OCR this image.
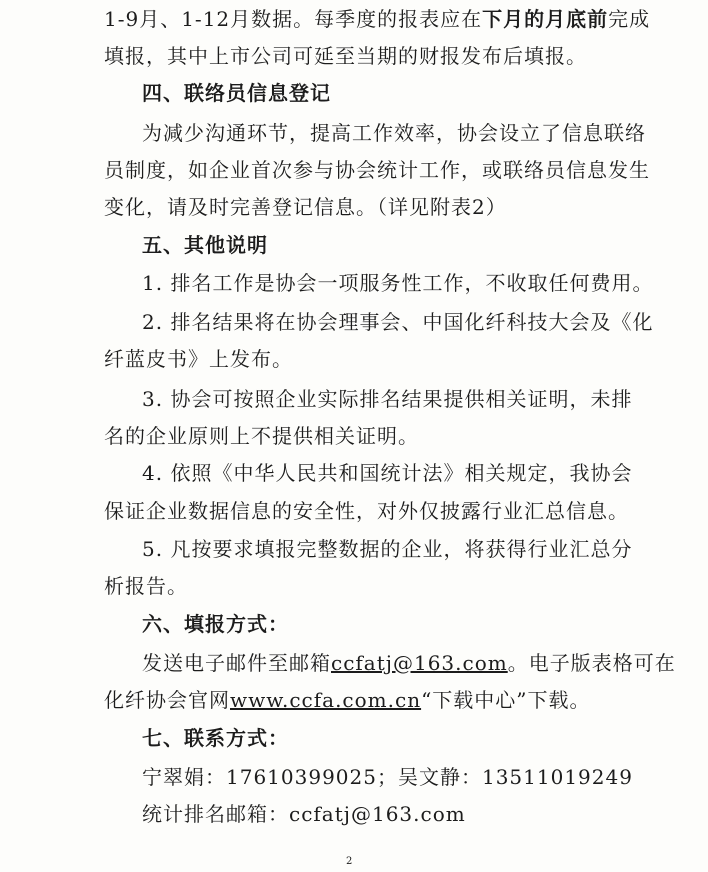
1-9月、1-12月数据。每季度的报表应在下月的月底前完成
填报，其中上市公司可延至当期的财报发布后填报。
四、联络员信息登记
为减少沟通环节，提高工作效率，协会设立了信息联络
员制度，如企业首次参与协会统计工作，或联络员信息发生
变化，请及时完善登记信息。（详见附表2）
五、其他说明
1. 排名工作是协会一项服务性工作，不收取任何费用。
2. 排名结果将在协会理事会、中国化纤科技大会及《化
纤蓝皮书》上发布。
3. 协会可按照企业实际排名结果提供相关证明，未排
名的企业原则上不提供相关证明。
4. 依照《中华人民共和国统计法》相关规定，我协会
保证企业数据信息的安全性，对外仅披露行业汇总信息。
5. 凡按要求填报完整数据的企业，将获得行业汇总分
析报告。
六、填报方式：
发送电子邮件至邮箱ccfatj@163.com。电子版表格可在
化纤协会官网www.ccfa.com.cn“下载中心”下载。
七、联系方式：
宁翠娟：17610399025；吴文静：13511019249
统计排名邮箱：ccfatj@163.com
2
